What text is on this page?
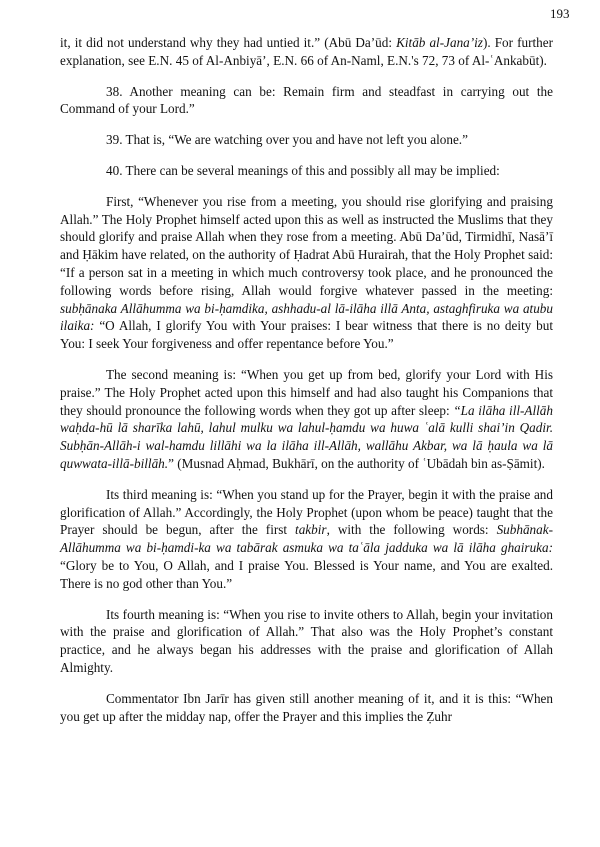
193

it, it did not understand why they had untied it.” (Abū Daʼūd: Kitāb al-Janaʼiz). For further explanation, see E.N. 45 of Al-Anbiyāʼ, E.N. 66 of An-Naml, E.N.'s 72, 73 of Al-ʿAnkabūt).

38. Another meaning can be: Remain firm and steadfast in carrying out the Command of your Lord.”

39. That is, “We are watching over you and have not left you alone.”

40. There can be several meanings of this and possibly all may be implied:

First, “Whenever you rise from a meeting, you should rise glorifying and praising Allah.” The Holy Prophet himself acted upon this as well as instructed the Muslims that they should glorify and praise Allah when they rose from a meeting. Abū Daʼūd, Tirmidhī, Nasāʼī and Ḥākim have related, on the authority of Ḥadrat Abū Hurairah, that the Holy Prophet said: “If a person sat in a meeting in which much controversy took place, and he pronounced the following words before rising, Allah would forgive whatever passed in the meeting: subḥānaka Allāhumma wa bi-ḥamdika, ashhadu-al lā-ilāha illā Anta, astaghfiruka wa atubu ilaika: “O Allah, I glorify You with Your praises: I bear witness that there is no deity but You: I seek Your forgiveness and offer repentance before You.”

The second meaning is: “When you get up from bed, glorify your Lord with His praise.” The Holy Prophet acted upon this himself and had also taught his Companions that they should pronounce the following words when they got up after sleep: “La ilāha ill-Allāh waḥda-hū lā sharīka lahū, lahul mulku wa lahul-ḥamdu wa huwa ʿalā kulli shaiʼin Qadir. Subḥān-Allāh-i wal-hamdu lillāhi wa la ilāha ill-Allāh, wallāhu Akbar, wa lā ḥaula wa lā quwwata-illā-billāh.” (Musnad Aḥmad, Bukhārī, on the authority of ʿUbādah bin as-Ṣāmit).

Its third meaning is: “When you stand up for the Prayer, begin it with the praise and glorification of Allah.” Accordingly, the Holy Prophet (upon whom be peace) taught that the Prayer should be begun, after the first takbir, with the following words: Subhānak-Allāhumma wa bi-ḥamdi-ka wa tabārak asmuka wa taʿāla jadduka wa lā ilāha ghairuka: “Glory be to You, O Allah, and I praise You. Blessed is Your name, and You are exalted. There is no god other than You.”

Its fourth meaning is: “When you rise to invite others to Allah, begin your invitation with the praise and glorification of Allah.” That also was the Holy Prophet’s constant practice, and he always began his addresses with the praise and glorification of Allah Almighty.

Commentator Ibn Jarīr has given still another meaning of it, and it is this: “When you get up after the midday nap, offer the Prayer and this implies the Ẓuhr
